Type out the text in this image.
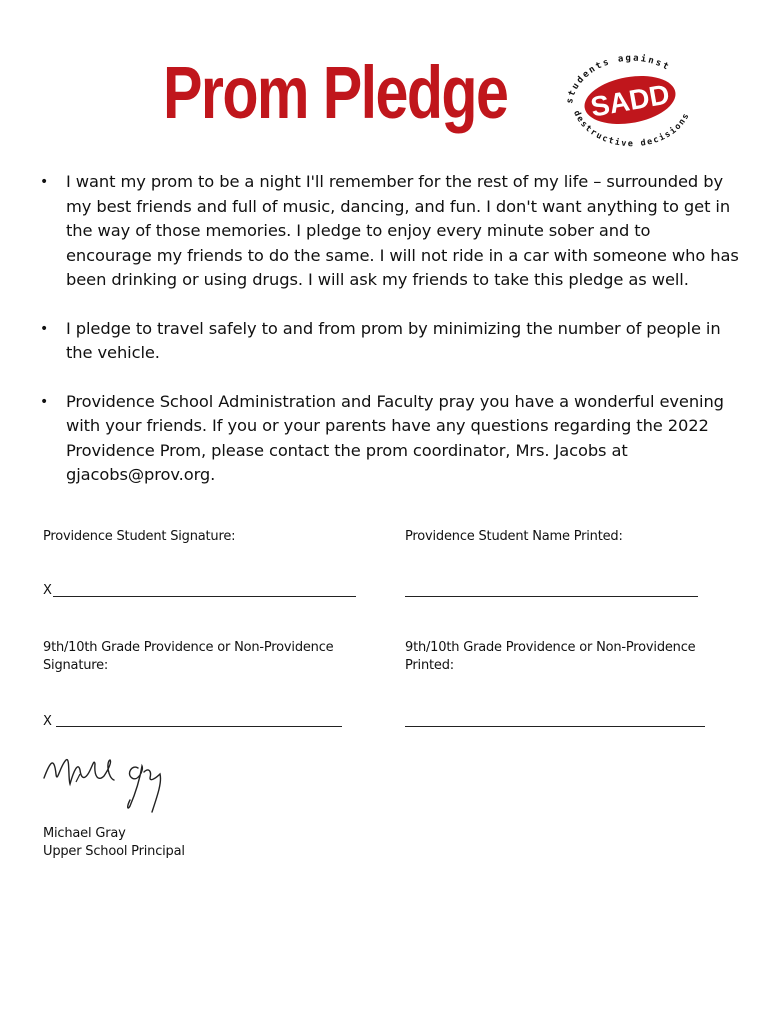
Prom Pledge	students against
SADD
destructive decisions
• I want my prom to be a night I'll remember for the rest of my life – surrounded by my best friends and full of music, dancing, and fun. I don't want anything to get in the way of those memories. I pledge to enjoy every minute sober and to encourage my friends to do the same. I will not ride in a car with someone who has been drinking or using drugs. I will ask my friends to take this pledge as well.
• I pledge to travel safely to and from prom by minimizing the number of people in the vehicle.
• Providence School Administration and Faculty pray you have a wonderful evening with your friends. If you or your parents have any questions regarding the 2022 Providence Prom, please contact the prom coordinator, Mrs. Jacobs at gjacobs@prov.org.
Providence Student Signature:	Providence Student Name Printed:
X
9th/10th Grade Providence or Non-Providence Signature:
9th/10th Grade Providence or Non-Providence Printed:
X
Michael Gray
Upper School Principal
